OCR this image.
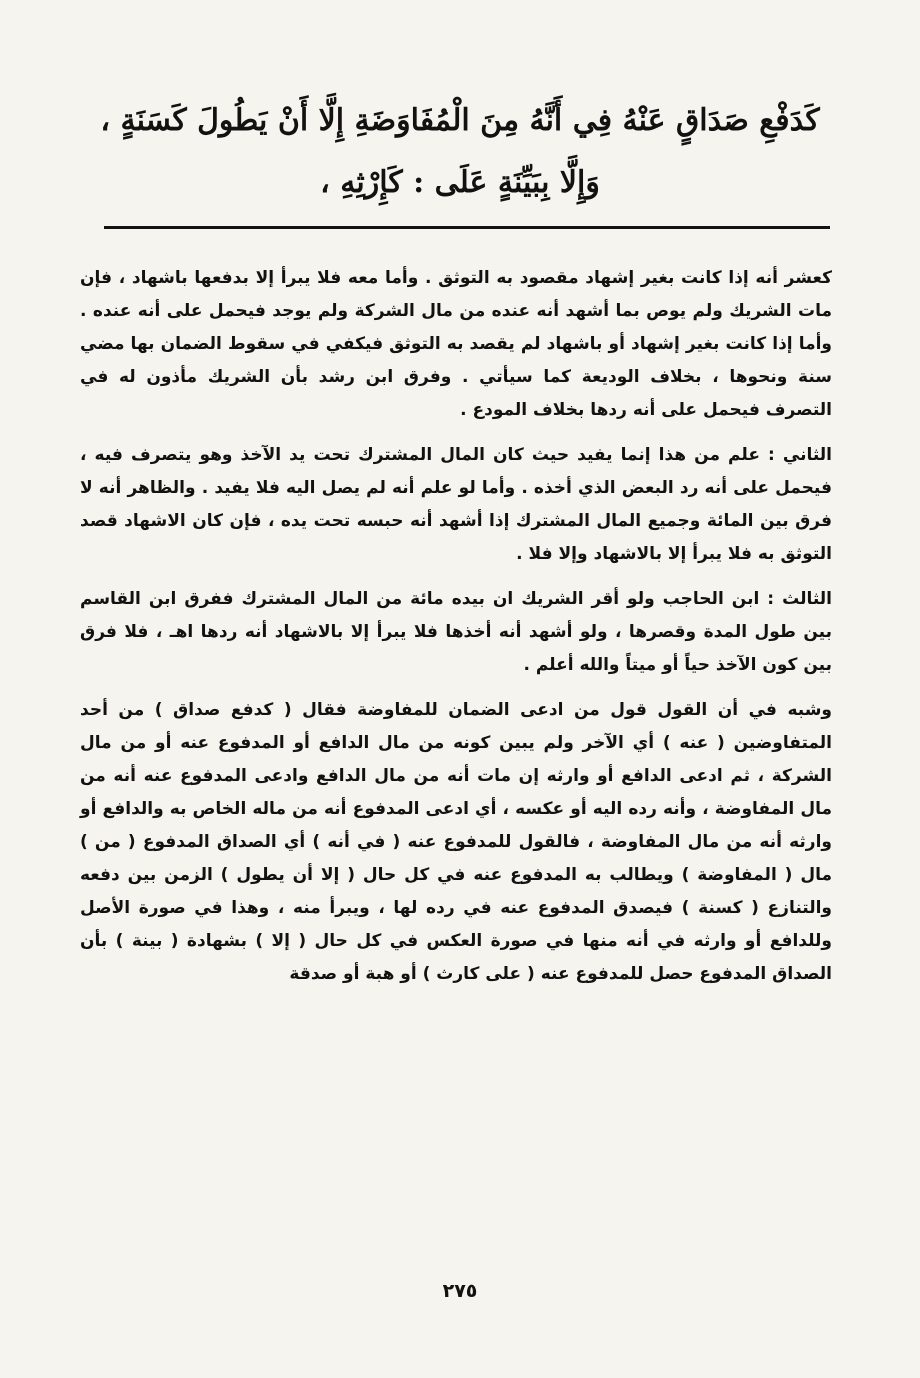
كَدَفْعِ صَدَاقٍ عَنْهُ فِي أَنَّهُ مِنَ الْمُفَاوَضَةِ إِلَّا أَنْ يَطُولَ كَسَنَةٍ ،
وَإِلَّا بِبَيِّنَةٍ عَلَى : كَإِرْثِهِ ،

كعشر أنه إذا كانت بغير إشهاد مقصود به التوثق . وأما معه فلا يبرأ إلا بدفعها باشهاد ، فإن مات الشريك ولم يوص بما أشهد أنه عنده من مال الشركة ولم يوجد فيحمل على أنه عنده . وأما إذا كانت بغير إشهاد أو باشهاد لم يقصد به التوثق فيكفي في سقوط الضمان بها مضي سنة ونحوها ، بخلاف الوديعة كما سيأتي . وفرق ابن رشد بأن الشريك مأذون له في التصرف فيحمل على أنه ردها بخلاف المودع .

الثاني : علم من هذا إنما يفيد حيث كان المال المشترك تحت يد الآخذ وهو يتصرف فيه ، فيحمل على أنه رد البعض الذي أخذه . وأما لو علم أنه لم يصل اليه فلا يفيد . والظاهر أنه لا فرق بين المائة وجميع المال المشترك إذا أشهد أنه حبسه تحت يده ، فإن كان الاشهاد قصد التوثق به فلا يبرأ إلا بالاشهاد وإلا فلا .

الثالث : ابن الحاجب ولو أقر الشريك ان بيده مائة من المال المشترك ففرق ابن القاسم بين طول المدة وقصرها ، ولو أشهد أنه أخذها فلا يبرأ إلا بالاشهاد أنه ردها اهـ ، فلا فرق بين كون الآخذ حياً أو ميتاً والله أعلم .

وشبه في أن القول قول من ادعى الضمان للمفاوضة فقال ( كدفع صداق ) من أحد المتفاوضين ( عنه ) أي الآخر ولم يبين كونه من مال الدافع أو المدفوع عنه أو من مال الشركة ، ثم ادعى الدافع أو وارثه إن مات أنه من مال الدافع وادعى المدفوع عنه أنه من مال المفاوضة ، وأنه رده اليه أو عكسه ، أي ادعى المدفوع أنه من ماله الخاص به والدافع أو وارثه أنه من مال المفاوضة ، فالقول للمدفوع عنه ( في أنه ) أي الصداق المدفوع ( من ) مال ( المفاوضة ) ويطالب به المدفوع عنه في كل حال ( إلا أن يطول ) الزمن بين دفعه والتنازع ( كسنة ) فيصدق المدفوع عنه في رده لها ، ويبرأ منه ، وهذا في صورة الأصل وللدافع أو وارثه في أنه منها في صورة العكس في كل حال ( إلا ) بشهادة ( بينة ) بأن الصداق المدفوع حصل للمدفوع عنه ( على كارث ) أو هبة أو صدقة

٢٧٥
